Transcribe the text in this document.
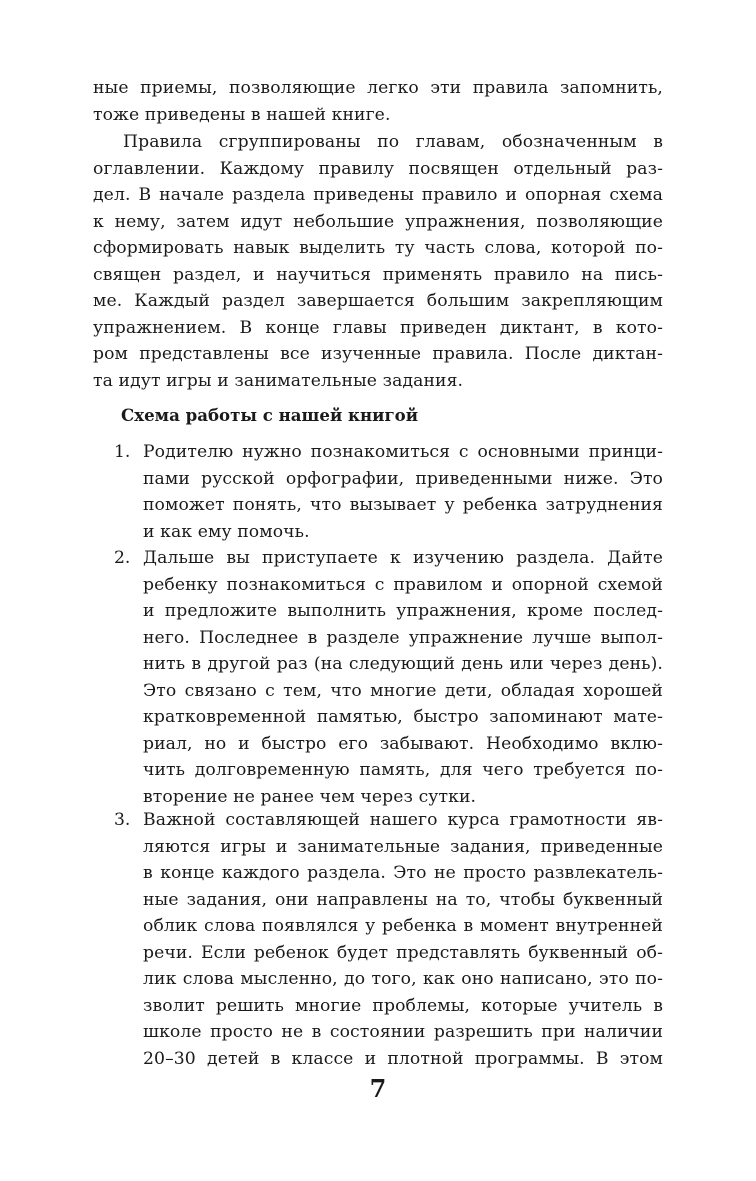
ные приемы, позволяющие легко эти правила запомнить,
тоже приведены в нашей книге.
Правила сгруппированы по главам, обозначенным в
оглавлении. Каждому правилу посвящен отдельный раз-
дел. В начале раздела приведены правило и опорная схема
к нему, затем идут небольшие упражнения, позволяющие
сформировать навык выделить ту часть слова, которой по-
священ раздел, и научиться применять правило на пись-
ме. Каждый раздел завершается большим закрепляющим
упражнением. В конце главы приведен диктант, в кото-
ром представлены все изученные правила. После диктан-
та идут игры и занимательные задания.
Схема работы с нашей книгой
1. Родителю нужно познакомиться с основными принци-
пами русской орфографии, приведенными ниже. Это
поможет понять, что вызывает у ребенка затруднения
и как ему помочь.
2. Дальше вы приступаете к изучению раздела. Дайте
ребенку познакомиться с правилом и опорной схемой
и предложите выполнить упражнения, кроме послед-
него. Последнее в разделе упражнение лучше выпол-
нить в другой раз (на следующий день или через день).
Это связано с тем, что многие дети, обладая хорошей
кратковременной памятью, быстро запоминают мате-
риал, но и быстро его забывают. Необходимо вклю-
чить долговременную память, для чего требуется по-
вторение не ранее чем через сутки.
3. Важной составляющей нашего курса грамотности яв-
ляются игры и занимательные задания, приведенные
в конце каждого раздела. Это не просто развлекатель-
ные задания, они направлены на то, чтобы буквенный
облик слова появлялся у ребенка в момент внутренней
речи. Если ребенок будет представлять буквенный об-
лик слова мысленно, до того, как оно написано, это по-
зволит решить многие проблемы, которые учитель в
школе просто не в состоянии разрешить при наличии
20–30 детей в классе и плотной программы. В этом
7
